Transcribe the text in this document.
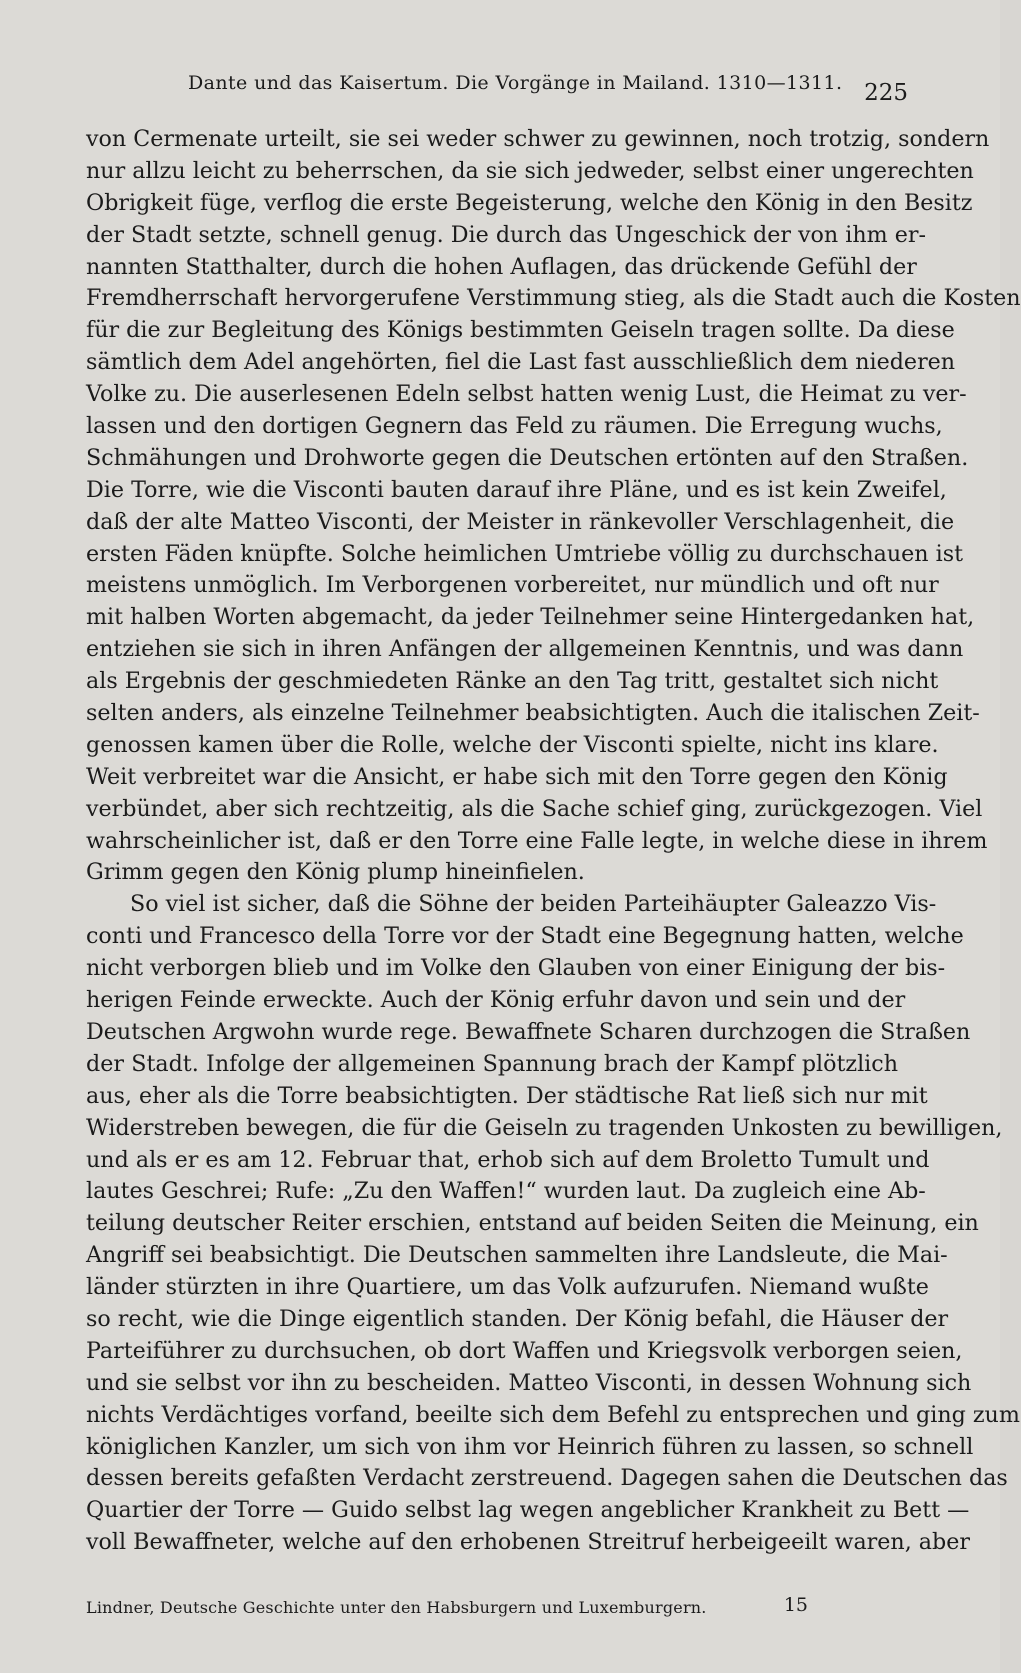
Dante und das Kaisertum. Die Vorgänge in Mailand. 1310—1311. 225
von Cermenate urteilt, sie sei weder schwer zu gewinnen, noch trotzig, sondern
nur allzu leicht zu beherrschen, da sie sich jedweder, selbst einer ungerechten
Obrigkeit füge, verflog die erste Begeisterung, welche den König in den Besitz
der Stadt setzte, schnell genug. Die durch das Ungeschick der von ihm er-
nannten Statthalter, durch die hohen Auflagen, das drückende Gefühl der
Fremdherrschaft hervorgerufene Verstimmung stieg, als die Stadt auch die Kosten
für die zur Begleitung des Königs bestimmten Geiseln tragen sollte. Da diese
sämtlich dem Adel angehörten, fiel die Last fast ausschließlich dem niederen
Volke zu. Die auserlesenen Edeln selbst hatten wenig Lust, die Heimat zu ver-
lassen und den dortigen Gegnern das Feld zu räumen. Die Erregung wuchs,
Schmähungen und Drohworte gegen die Deutschen ertönten auf den Straßen.
Die Torre, wie die Visconti bauten darauf ihre Pläne, und es ist kein Zweifel,
daß der alte Matteo Visconti, der Meister in ränkevoller Verschlagenheit, die
ersten Fäden knüpfte. Solche heimlichen Umtriebe völlig zu durchschauen ist
meistens unmöglich. Im Verborgenen vorbereitet, nur mündlich und oft nur
mit halben Worten abgemacht, da jeder Teilnehmer seine Hintergedanken hat,
entziehen sie sich in ihren Anfängen der allgemeinen Kenntnis, und was dann
als Ergebnis der geschmiedeten Ränke an den Tag tritt, gestaltet sich nicht
selten anders, als einzelne Teilnehmer beabsichtigten. Auch die italischen Zeit-
genossen kamen über die Rolle, welche der Visconti spielte, nicht ins klare.
Weit verbreitet war die Ansicht, er habe sich mit den Torre gegen den König
verbündet, aber sich rechtzeitig, als die Sache schief ging, zurückgezogen. Viel
wahrscheinlicher ist, daß er den Torre eine Falle legte, in welche diese in ihrem
Grimm gegen den König plump hineinfielen.
So viel ist sicher, daß die Söhne der beiden Parteihäupter Galeazzo Vis-
conti und Francesco della Torre vor der Stadt eine Begegnung hatten, welche
nicht verborgen blieb und im Volke den Glauben von einer Einigung der bis-
herigen Feinde erweckte. Auch der König erfuhr davon und sein und der
Deutschen Argwohn wurde rege. Bewaffnete Scharen durchzogen die Straßen
der Stadt. Infolge der allgemeinen Spannung brach der Kampf plötzlich
aus, eher als die Torre beabsichtigten. Der städtische Rat ließ sich nur mit
Widerstreben bewegen, die für die Geiseln zu tragenden Unkosten zu bewilligen,
und als er es am 12. Februar that, erhob sich auf dem Broletto Tumult und
lautes Geschrei; Rufe: „Zu den Waffen!“ wurden laut. Da zugleich eine Ab-
teilung deutscher Reiter erschien, entstand auf beiden Seiten die Meinung, ein
Angriff sei beabsichtigt. Die Deutschen sammelten ihre Landsleute, die Mai-
länder stürzten in ihre Quartiere, um das Volk aufzurufen. Niemand wußte
so recht, wie die Dinge eigentlich standen. Der König befahl, die Häuser der
Parteiführer zu durchsuchen, ob dort Waffen und Kriegsvolk verborgen seien,
und sie selbst vor ihn zu bescheiden. Matteo Visconti, in dessen Wohnung sich
nichts Verdächtiges vorfand, beeilte sich dem Befehl zu entsprechen und ging zum
königlichen Kanzler, um sich von ihm vor Heinrich führen zu lassen, so schnell
dessen bereits gefaßten Verdacht zerstreuend. Dagegen sahen die Deutschen das
Quartier der Torre — Guido selbst lag wegen angeblicher Krankheit zu Bett —
voll Bewaffneter, welche auf den erhobenen Streitruf herbeigeeilt waren, aber
Lindner, Deutsche Geschichte unter den Habsburgern und Luxemburgern.	15
